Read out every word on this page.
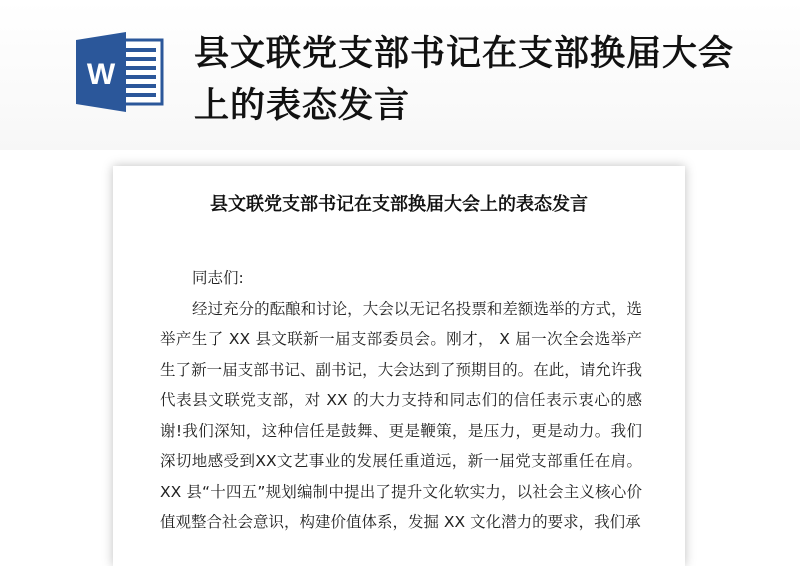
W
县文联党支部书记在支部换届大会上的表态发言
县文联党支部书记在支部换届大会上的表态发言

同志们:

经过充分的酝酿和讨论，大会以无记名投票和差额选举的方式，选举产生了 XX 县文联新一届支部委员会。刚才， X 届一次全会选举产生了新一届支部书记、副书记，大会达到了预期目的。在此，请允许我代表县文联党支部，对 XX 的大力支持和同志们的信任表示衷心的感谢!我们深知，这种信任是鼓舞、更是鞭策，是压力，更是动力。我们深切地感受到XX文艺事业的发展任重道远，新一届党支部重任在肩。XX 县“十四五”规划编制中提出了提升文化软实力，以社会主义核心价值观整合社会意识，构建价值体系，发掘 XX 文化潜力的要求，我们承
